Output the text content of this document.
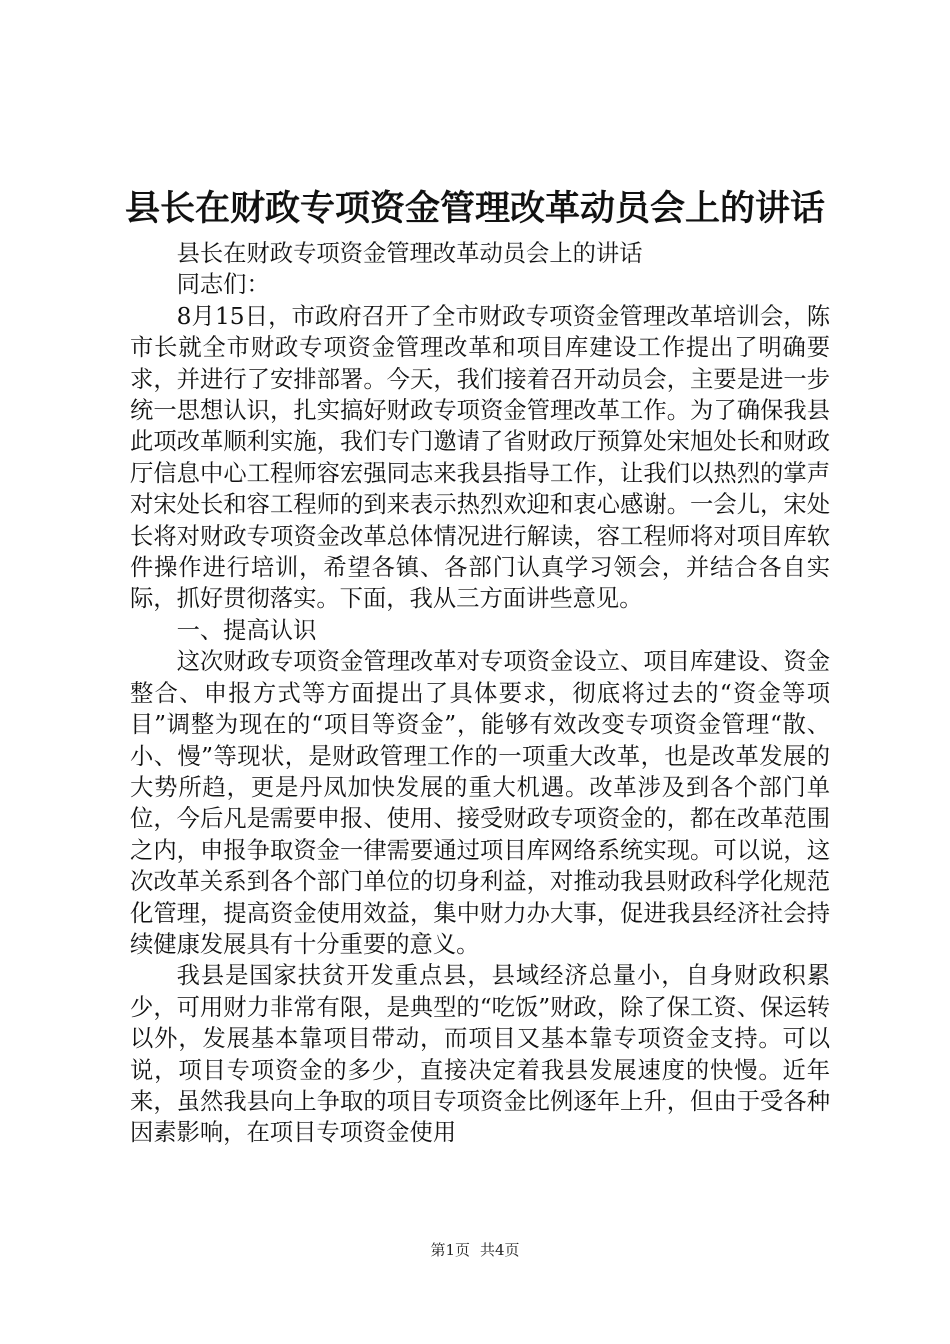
县长在财政专项资金管理改革动员会上的讲话

县长在财政专项资金管理改革动员会上的讲话

同志们：

8月15日，市政府召开了全市财政专项资金管理改革培训会，陈市长就全市财政专项资金管理改革和项目库建设工作提出了明确要求，并进行了安排部署。今天，我们接着召开动员会，主要是进一步统一思想认识，扎实搞好财政专项资金管理改革工作。为了确保我县此项改革顺利实施，我们专门邀请了省财政厅预算处宋旭处长和财政厅信息中心工程师容宏强同志来我县指导工作，让我们以热烈的掌声对宋处长和容工程师的到来表示热烈欢迎和衷心感谢。一会儿，宋处长将对财政专项资金改革总体情况进行解读，容工程师将对项目库软件操作进行培训，希望各镇、各部门认真学习领会，并结合各自实际，抓好贯彻落实。下面，我从三方面讲些意见。

一、提高认识

这次财政专项资金管理改革对专项资金设立、项目库建设、资金整合、申报方式等方面提出了具体要求，彻底将过去的“资金等项目”调整为现在的“项目等资金”，能够有效改变专项资金管理“散、小、慢”等现状，是财政管理工作的一项重大改革，也是改革发展的大势所趋，更是丹凤加快发展的重大机遇。改革涉及到各个部门单位，今后凡是需要申报、使用、接受财政专项资金的，都在改革范围之内，申报争取资金一律需要通过项目库网络系统实现。可以说，这次改革关系到各个部门单位的切身利益，对推动我县财政科学化规范化管理，提高资金使用效益，集中财力办大事，促进我县经济社会持续健康发展具有十分重要的意义。

我县是国家扶贫开发重点县，县域经济总量小，自身财政积累少，可用财力非常有限，是典型的“吃饭”财政，除了保工资、保运转以外，发展基本靠项目带动，而项目又基本靠专项资金支持。可以说，项目专项资金的多少，直接决定着我县发展速度的快慢。近年来，虽然我县向上争取的项目专项资金比例逐年上升，但由于受各种因素影响，在项目专项资金使用

第1页 共4页
